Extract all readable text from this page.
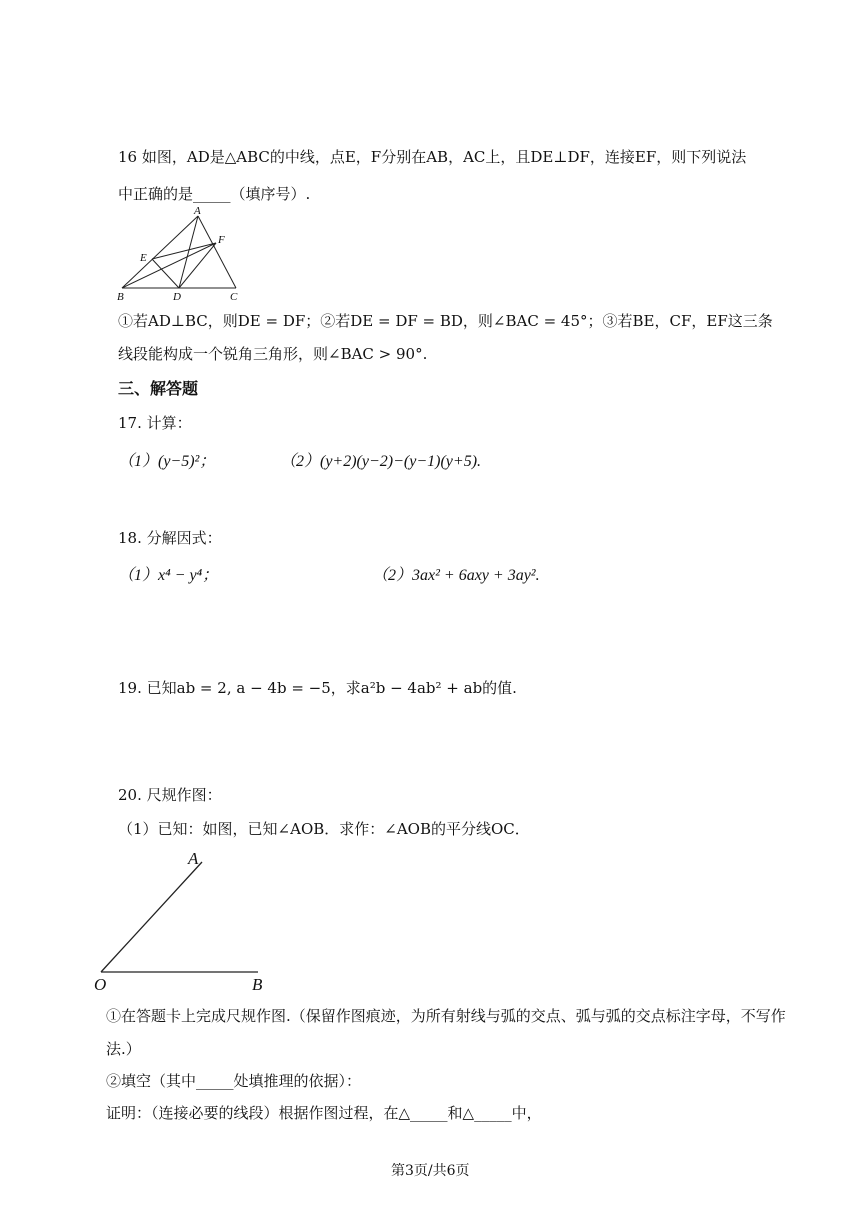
16 如图，AD是△ABC的中线，点E，F分别在AB，AC上，且DE⊥DF，连接EF，则下列说法
中正确的是_____（填序号）.
A
B	C
D
E
F
①若AD⊥BC，则DE = DF；②若DE = DF = BD，则∠BAC = 45°；③若BE，CF，EF这三条
线段能构成一个锐角三角形，则∠BAC > 90°.
三、解答题
17. 计算：
（1）(y−5)²；	（2）(y+2)(y−2)−(y−1)(y+5).
18. 分解因式：
（1）x⁴ − y⁴；	（2）3ax² + 6axy + 3ay².
19. 已知ab = 2, a − 4b = −5，求a²b − 4ab² + ab的值.
20. 尺规作图：
（1）已知：如图，已知∠AOB．求作：∠AOB的平分线OC．
A
O	B
①在答题卡上完成尺规作图.（保留作图痕迹，为所有射线与弧的交点、弧与弧的交点标注字母，不写作
法.）
②填空（其中_____处填推理的依据）：
证明：（连接必要的线段）根据作图过程，在△_____和△_____中，
第3页/共6页
